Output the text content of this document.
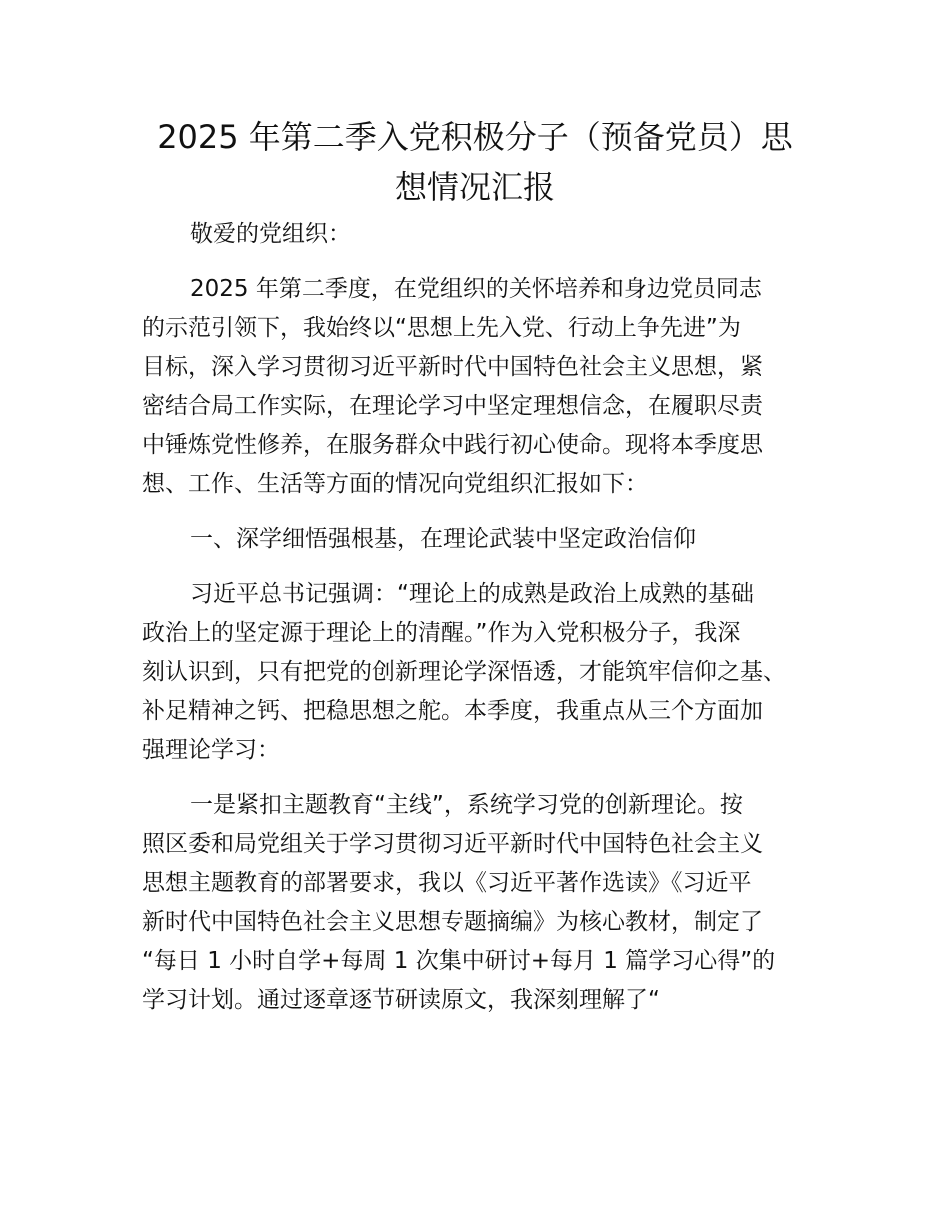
2025 年第二季入党积极分子（预备党员）思
想情况汇报

敬爱的党组织：

2025 年第二季度，在党组织的关怀培养和身边党员同志
的示范引领下，我始终以“思想上先入党、行动上争先进”为
目标，深入学习贯彻习近平新时代中国特色社会主义思想，紧
密结合局工作实际，在理论学习中坚定理想信念，在履职尽责
中锤炼党性修养，在服务群众中践行初心使命。现将本季度思
想、工作、生活等方面的情况向党组织汇报如下：

一、深学细悟强根基，在理论武装中坚定政治信仰

习近平总书记强调：“理论上的成熟是政治上成熟的基础
政治上的坚定源于理论上的清醒。”作为入党积极分子，我深
刻认识到，只有把党的创新理论学深悟透，才能筑牢信仰之基、
补足精神之钙、把稳思想之舵。本季度，我重点从三个方面加
强理论学习：

一是紧扣主题教育“主线”，系统学习党的创新理论。按
照区委和局党组关于学习贯彻习近平新时代中国特色社会主义
思想主题教育的部署要求，我以《习近平著作选读》《习近平
新时代中国特色社会主义思想专题摘编》为核心教材，制定了
“每日 1 小时自学+每周 1 次集中研讨+每月 1 篇学习心得”的
学习计划。通过逐章逐节研读原文，我深刻理解了“
